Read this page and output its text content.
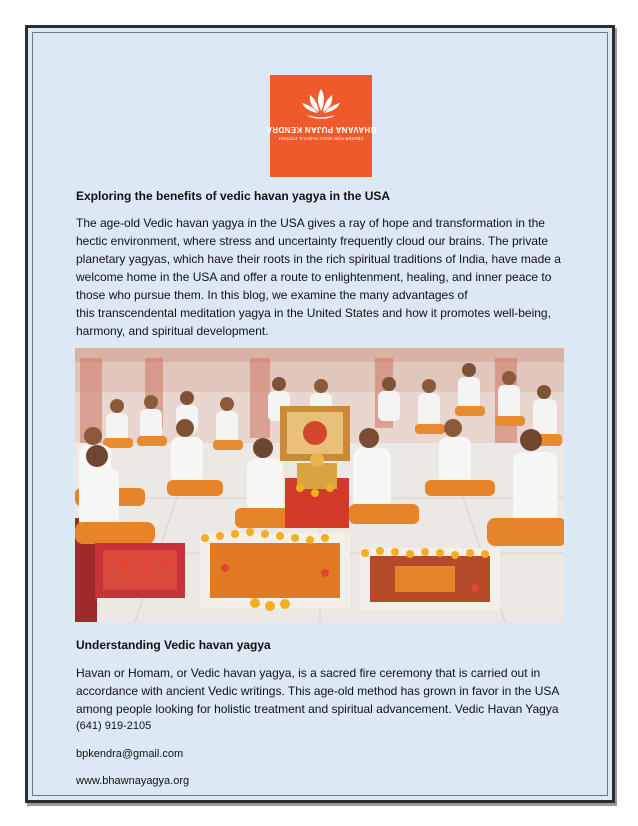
BHAVANA PUJAN KENDRA
CENTER FOR VEDIC YAGYA & JYOTISH
Exploring the benefits of vedic havan yagya in the USA
The age-old Vedic havan yagya in the USA gives a ray of hope and transformation in the
hectic environment, where stress and uncertainty frequently cloud our brains. The private
planetary yagyas, which have their roots in the rich spiritual traditions of India, have made a
welcome home in the USA and offer a route to enlightenment, healing, and inner peace to
those who pursue them. In this blog, we examine the many advantages of
this transcendental meditation yagya in the United States and how it promotes well-being,
harmony, and spiritual development.
Understanding Vedic havan yagya
Havan or Homam, or Vedic havan yagya, is a sacred fire ceremony that is carried out in
accordance with ancient Vedic writings. This age-old method has grown in favor in the USA
among people looking for holistic treatment and spiritual advancement. Vedic Havan Yagya
(641) 919-2105
bpkendra@gmail.com
www.bhawnayagya.org
